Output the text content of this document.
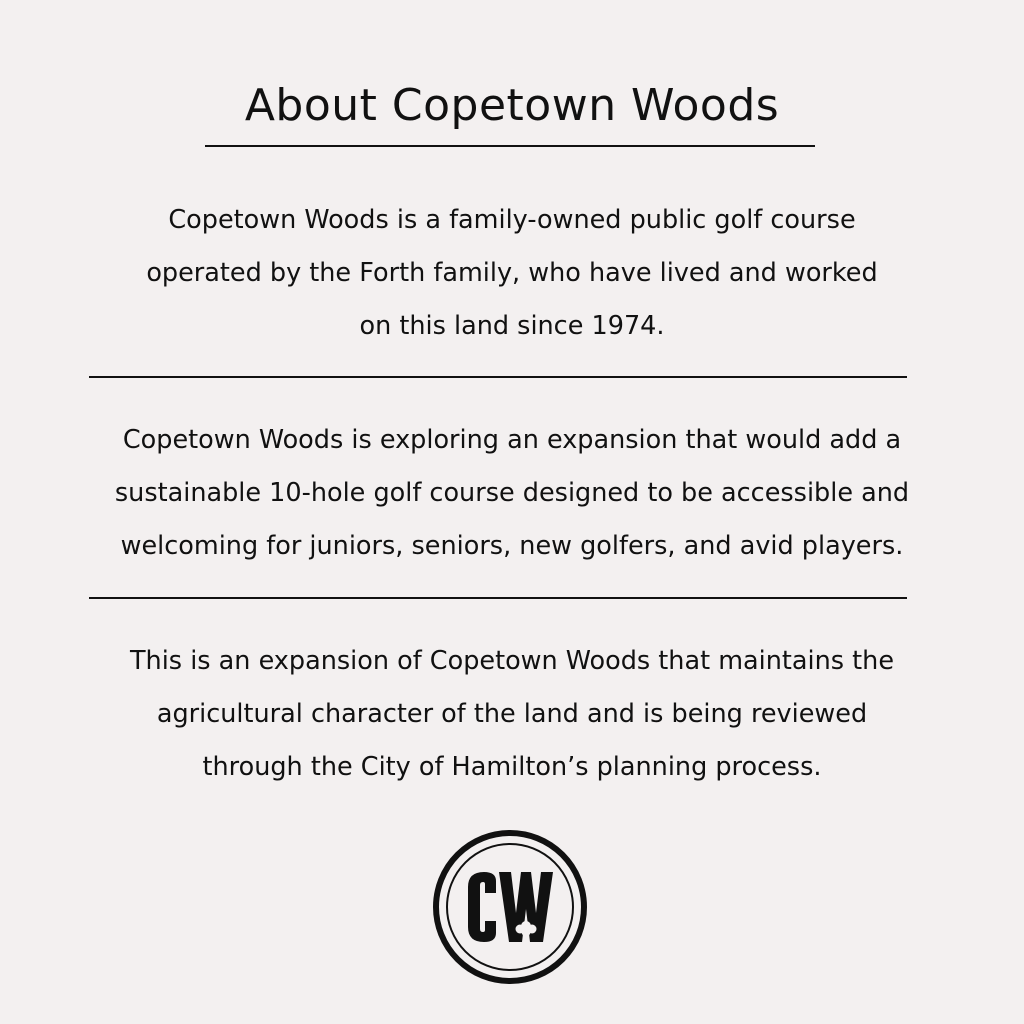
About Copetown Woods

Copetown Woods is a family-owned public golf course
operated by the Forth family, who have lived and worked
on this land since 1974.

Copetown Woods is exploring an expansion that would add a
sustainable 10-hole golf course designed to be accessible and
welcoming for juniors, seniors, new golfers, and avid players.

This is an expansion of Copetown Woods that maintains the
agricultural character of the land and is being reviewed
through the City of Hamilton’s planning process.
